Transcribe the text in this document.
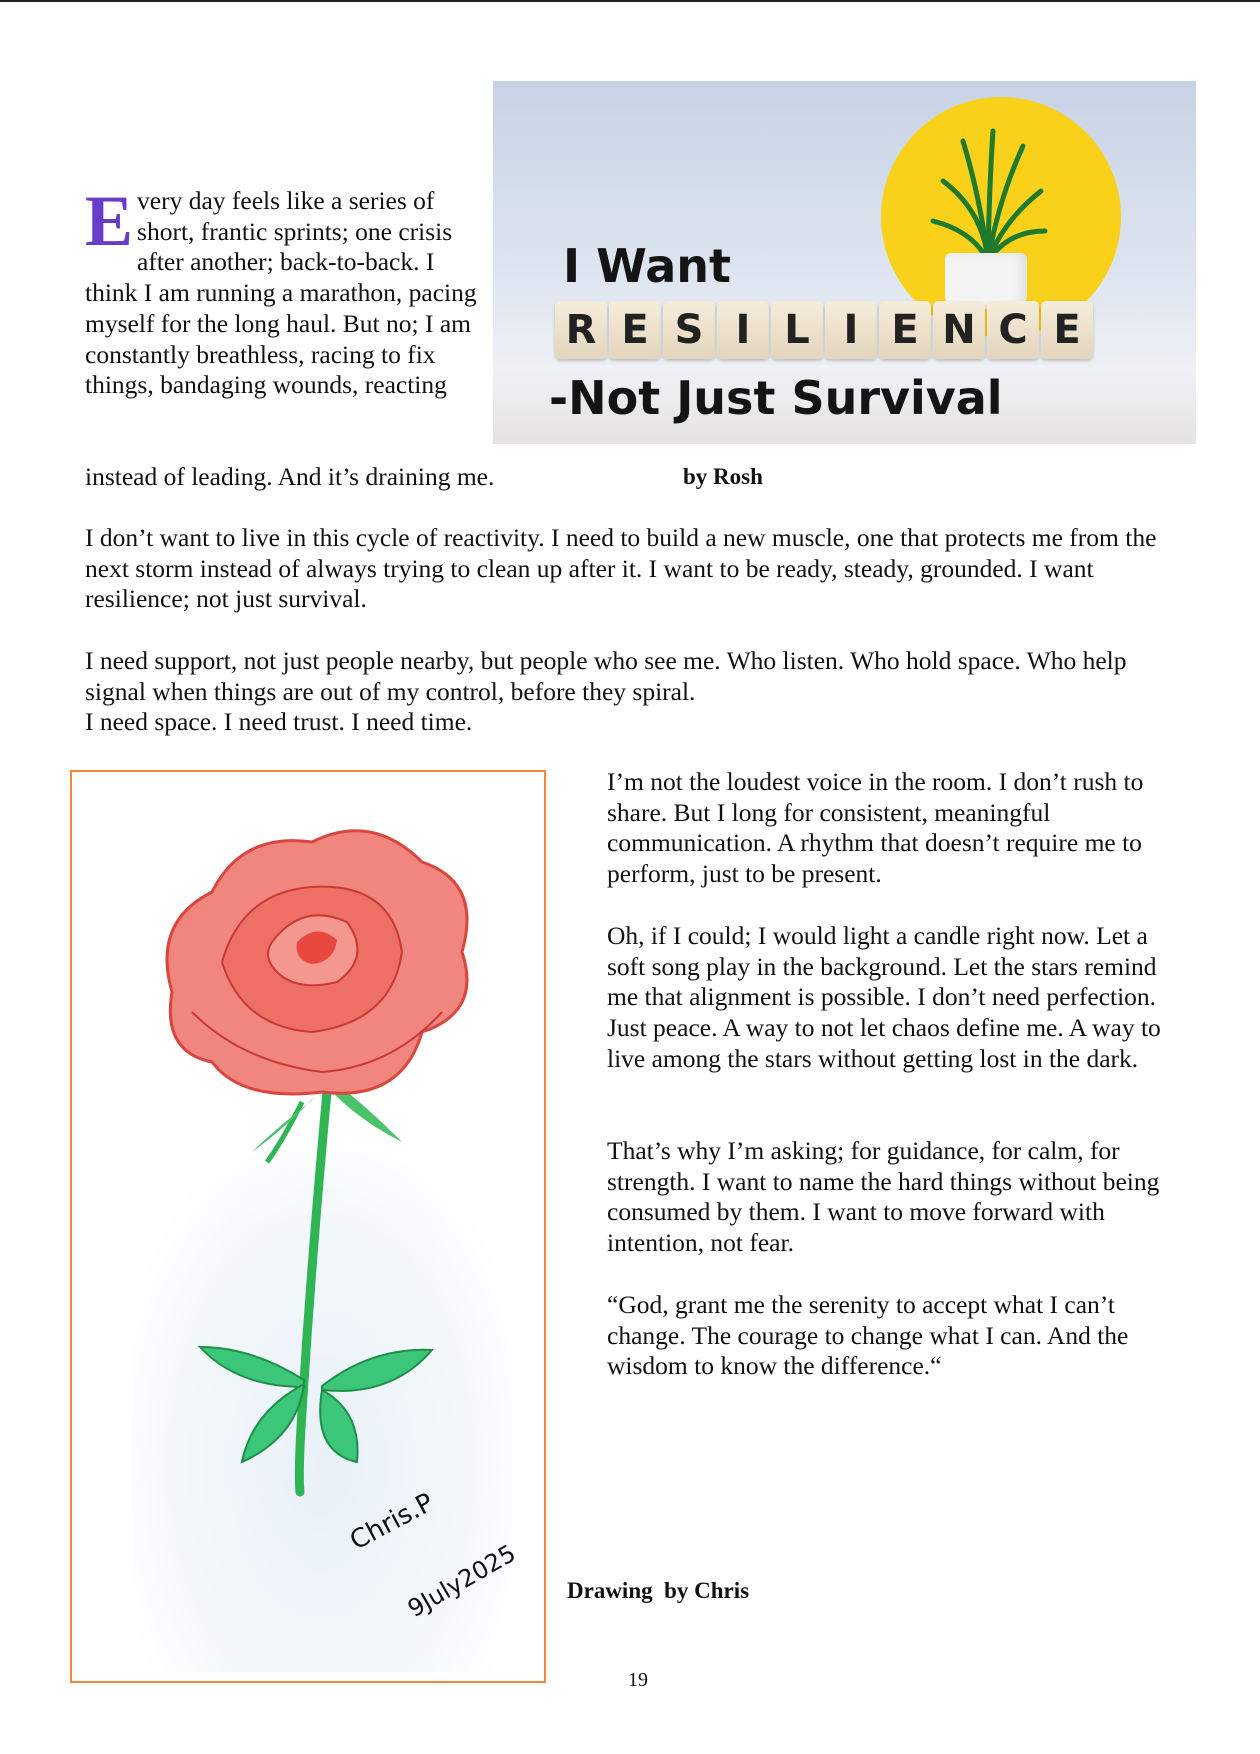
I Want
R E S I L I E N C E
-Not Just Survival
E very day feels like a series of short, frantic sprints; one crisis after another; back-to-back. I think I am running a marathon, pacing myself for the long haul. But no; I am constantly breathless, racing to fix things, bandaging wounds, reacting

instead of leading. And it’s draining me.	by Rosh

I don’t want to live in this cycle of reactivity. I need to build a new muscle, one that protects me from the next storm instead of always trying to clean up after it. I want to be ready, steady, grounded. I want resilience; not just survival.

I need support, not just people nearby, but people who see me. Who listen. Who hold space. Who help signal when things are out of my control, before they spiral.

I need space. I need trust. I need time.

Chris.P
9July2025

I’m not the loudest voice in the room. I don’t rush to share. But I long for consistent, meaningful communication. A rhythm that doesn’t require me to perform, just to be present.

Oh, if I could; I would light a candle right now. Let a soft song play in the background. Let the stars remind me that alignment is possible. I don’t need perfection. Just peace. A way to not let chaos define me. A way to live among the stars without getting lost in the dark.

That’s why I’m asking; for guidance, for calm, for strength. I want to name the hard things without being consumed by them. I want to move forward with intention, not fear.

“God, grant me the serenity to accept what I can’t change. The courage to change what I can. And the wisdom to know the difference.“

Drawing  by Chris

19
